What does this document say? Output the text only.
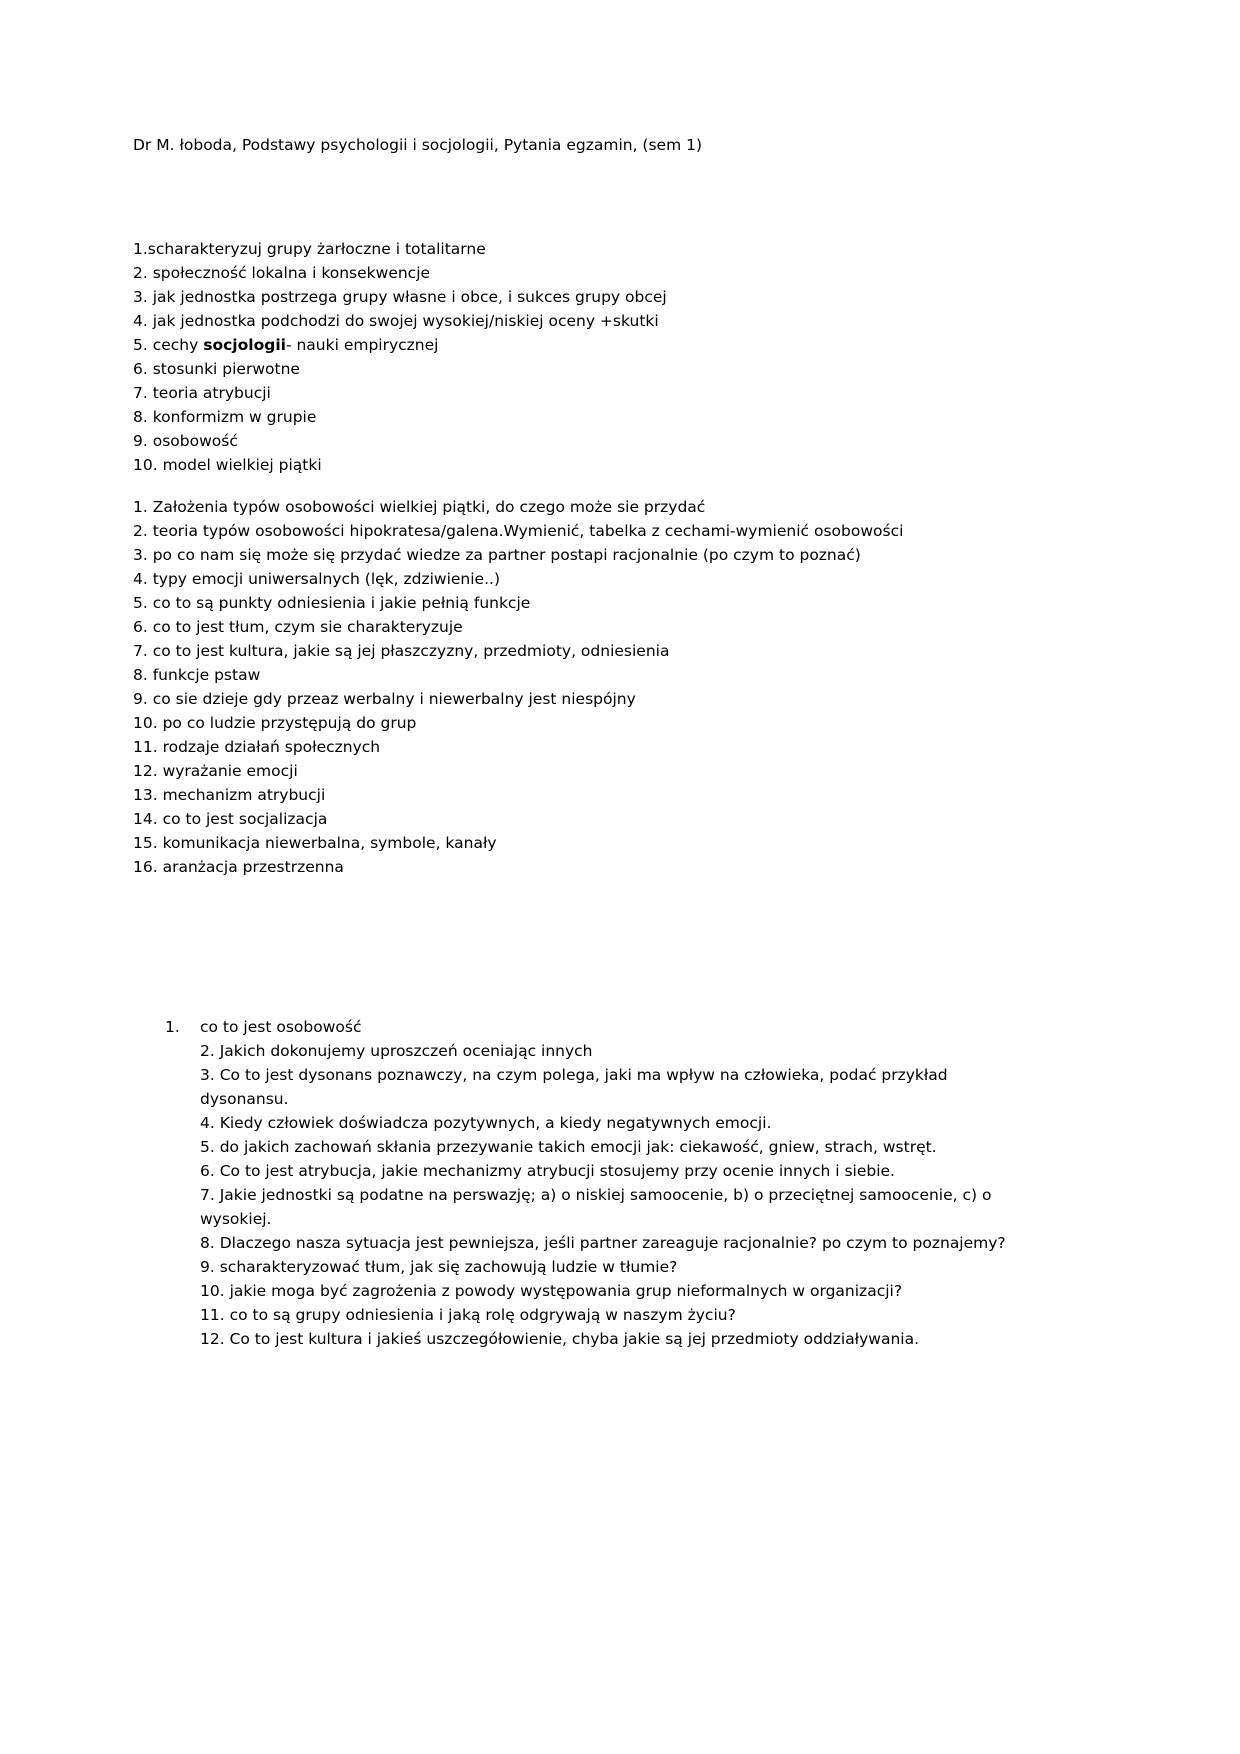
Dr M. łoboda, Podstawy psychologii i socjologii, Pytania egzamin, (sem 1)

1.scharakteryzuj grupy żarłoczne i totalitarne

2. społeczność lokalna i konsekwencje

3. jak jednostka postrzega grupy własne i obce, i sukces grupy obcej

4. jak jednostka podchodzi do swojej wysokiej/niskiej oceny +skutki

5. cechy socjologii- nauki empirycznej

6. stosunki pierwotne

7. teoria atrybucji

8. konformizm w grupie

9. osobowość

10. model wielkiej piątki

1. Założenia typów osobowości wielkiej piątki, do czego może sie przydać

2. teoria typów osobowości hipokratesa/galena.Wymienić, tabelka z cechami-wymienić osobowości

3. po co nam się może się przydać wiedze za partner postapi racjonalnie (po czym to poznać)

4. typy emocji uniwersalnych (lęk, zdziwienie..)

5. co to są punkty odniesienia i jakie pełnią funkcje

6. co to jest tłum, czym sie charakteryzuje

7. co to jest kultura, jakie są jej płaszczyzny, przedmioty, odniesienia

8. funkcje pstaw

9. co sie dzieje gdy przeaz werbalny i niewerbalny jest niespójny

10. po co ludzie przystępują do grup

11. rodzaje działań społecznych

12. wyrażanie emocji

13. mechanizm atrybucji

14. co to jest socjalizacja

15. komunikacja niewerbalna, symbole, kanały

16. aranżacja przestrzenna

1. co to jest osobowość

2. Jakich dokonujemy uproszczeń oceniając innych

3. Co to jest dysonans poznawczy, na czym polega, jaki ma wpływ na człowieka, podać przykład dysonansu.

4. Kiedy człowiek doświadcza pozytywnych, a kiedy negatywnych emocji.

5. do jakich zachowań skłania przezywanie takich emocji jak: ciekawość, gniew, strach, wstręt.

6. Co to jest atrybucja, jakie mechanizmy atrybucji stosujemy przy ocenie innych i siebie.

7. Jakie jednostki są podatne na perswazję; a) o niskiej samoocenie, b) o przeciętnej samoocenie, c) o wysokiej.

8. Dlaczego nasza sytuacja jest pewniejsza, jeśli partner zareaguje racjonalnie? po czym to poznajemy?

9. scharakteryzować tłum, jak się zachowują ludzie w tłumie?

10. jakie moga być zagrożenia z powody występowania grup nieformalnych w organizacji?

11. co to są grupy odniesienia i jaką rolę odgrywają w naszym życiu?

12. Co to jest kultura i jakieś uszczegółowienie, chyba jakie są jej przedmioty oddziaływania.
